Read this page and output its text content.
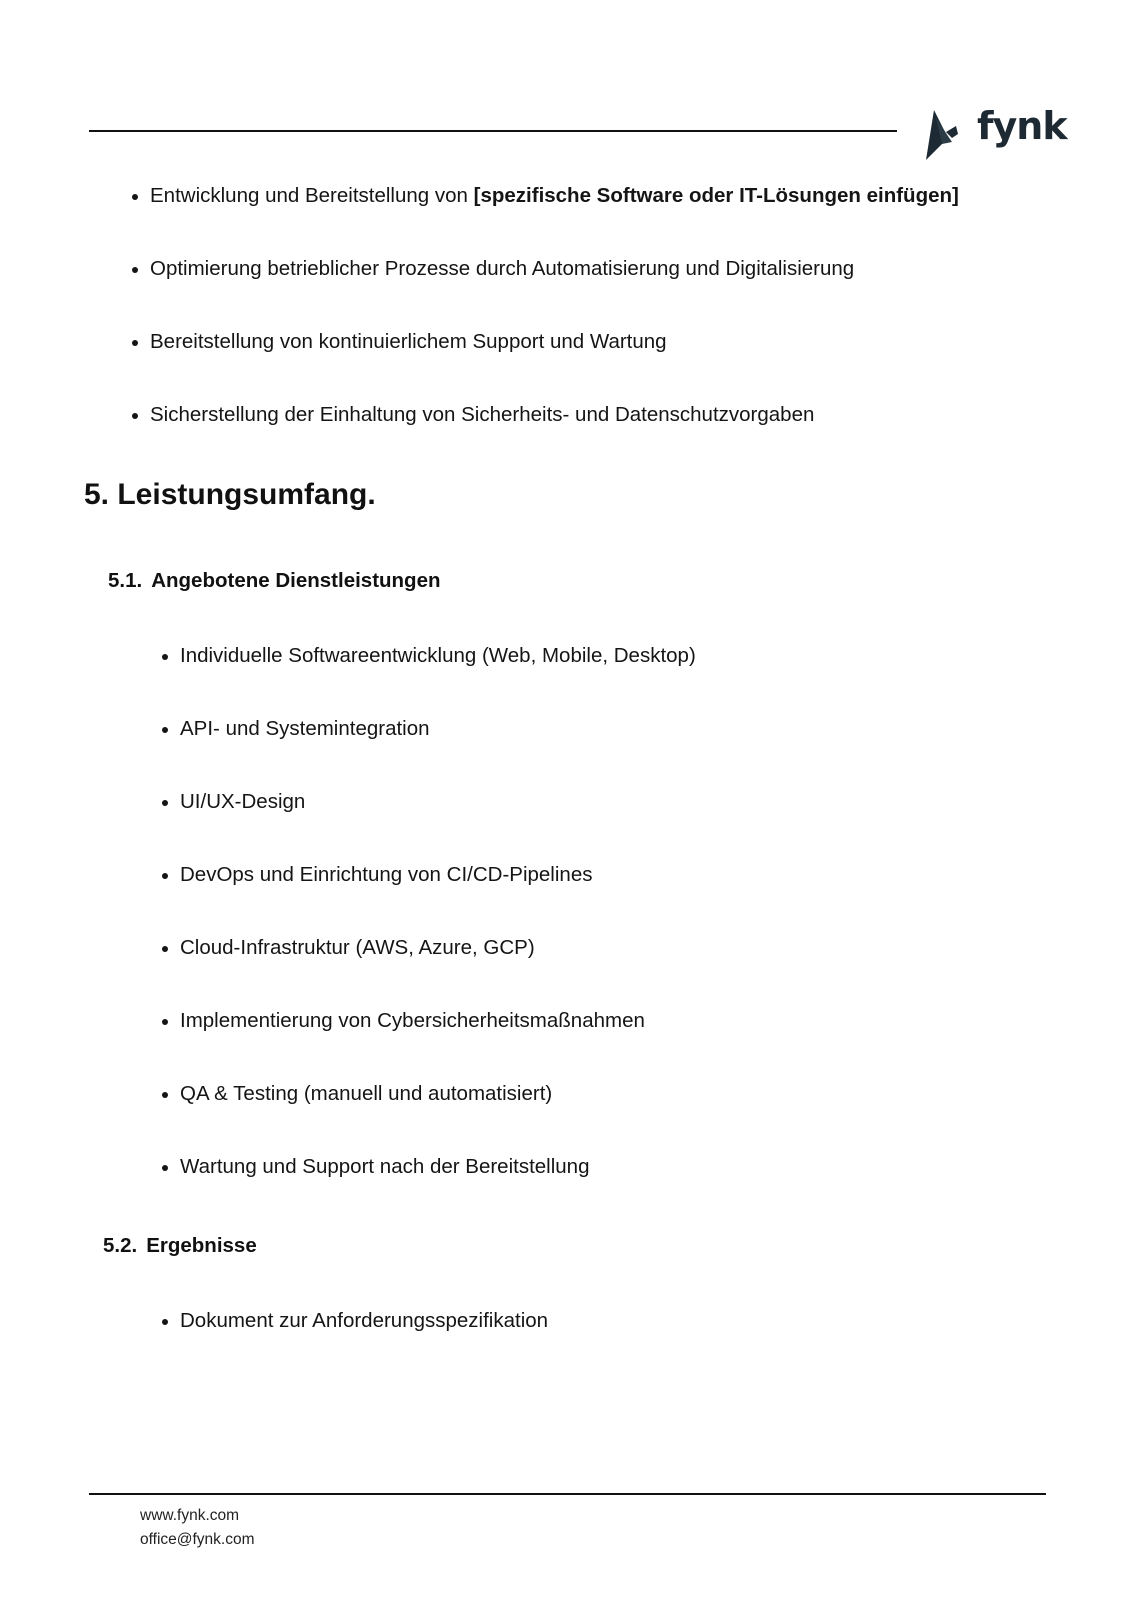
fynk
Entwicklung und Bereitstellung von [spezifische Software oder IT-Lösungen einfügen]
Optimierung betrieblicher Prozesse durch Automatisierung und Digitalisierung
Bereitstellung von kontinuierlichem Support und Wartung
Sicherstellung der Einhaltung von Sicherheits- und Datenschutzvorgaben
5. Leistungsumfang.
5.1. Angebotene Dienstleistungen
Individuelle Softwareentwicklung (Web, Mobile, Desktop)
API- und Systemintegration
UI/UX-Design
DevOps und Einrichtung von CI/CD-Pipelines
Cloud-Infrastruktur (AWS, Azure, GCP)
Implementierung von Cybersicherheitsmaßnahmen
QA & Testing (manuell und automatisiert)
Wartung und Support nach der Bereitstellung
5.2. Ergebnisse
Dokument zur Anforderungsspezifikation
www.fynk.com
office@fynk.com
